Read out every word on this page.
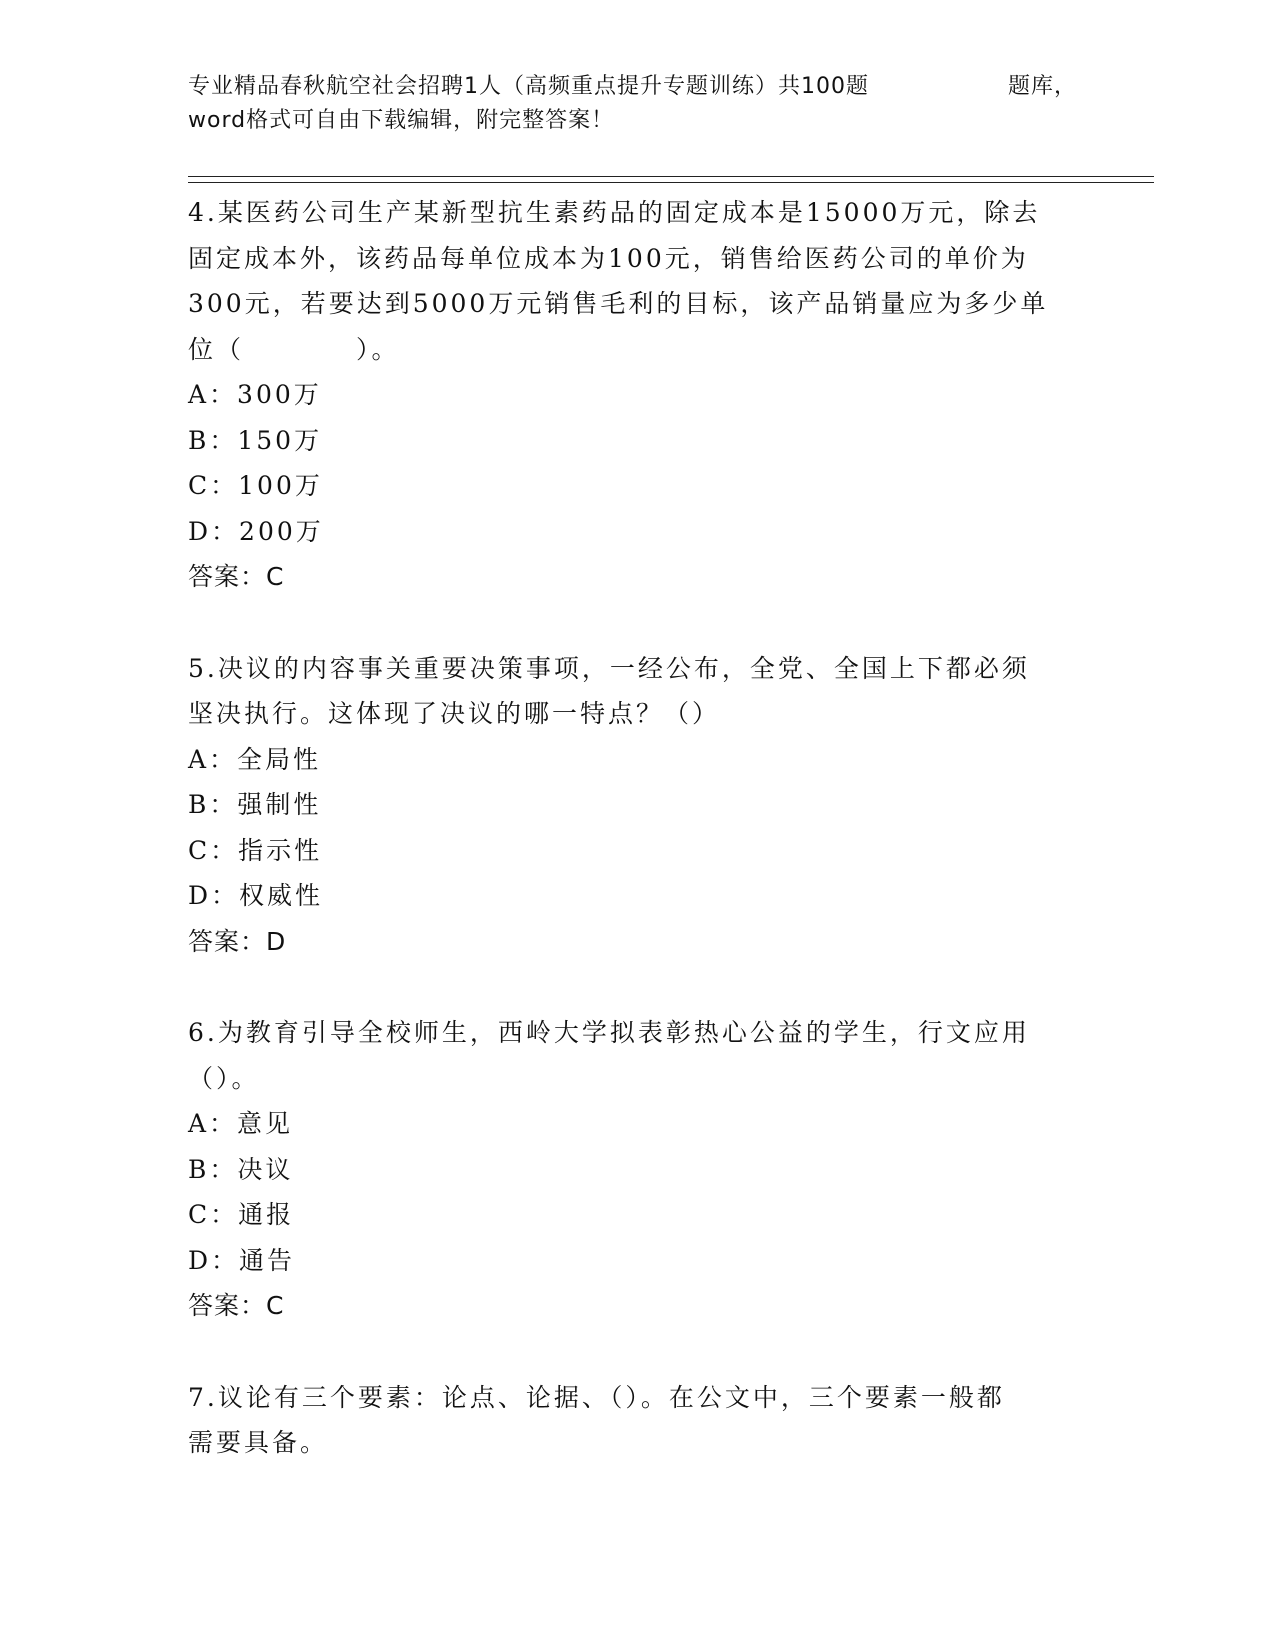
专业精品春秋航空社会招聘1人（高频重点提升专题训练）共100题	题库，
word格式可自由下载编辑，附完整答案！
4.某医药公司生产某新型抗生素药品的固定成本是15000万元，除去
固定成本外，该药品每单位成本为100元，销售给医药公司的单价为
300元，若要达到5000万元销售毛利的目标，该产品销量应为多少单
位（　　　　）。
A：300万
B：150万
C：100万
D：200万
答案：C
5.决议的内容事关重要决策事项，一经公布，全党、全国上下都必须
坚决执行。这体现了决议的哪一特点？（）
A：全局性
B：强制性
C：指示性
D：权威性
答案：D
6.为教育引导全校师生，西岭大学拟表彰热心公益的学生，行文应用
（）。
A：意见
B：决议
C：通报
D：通告
答案：C
7.议论有三个要素：论点、论据、（）。在公文中，三个要素一般都
需要具备。
